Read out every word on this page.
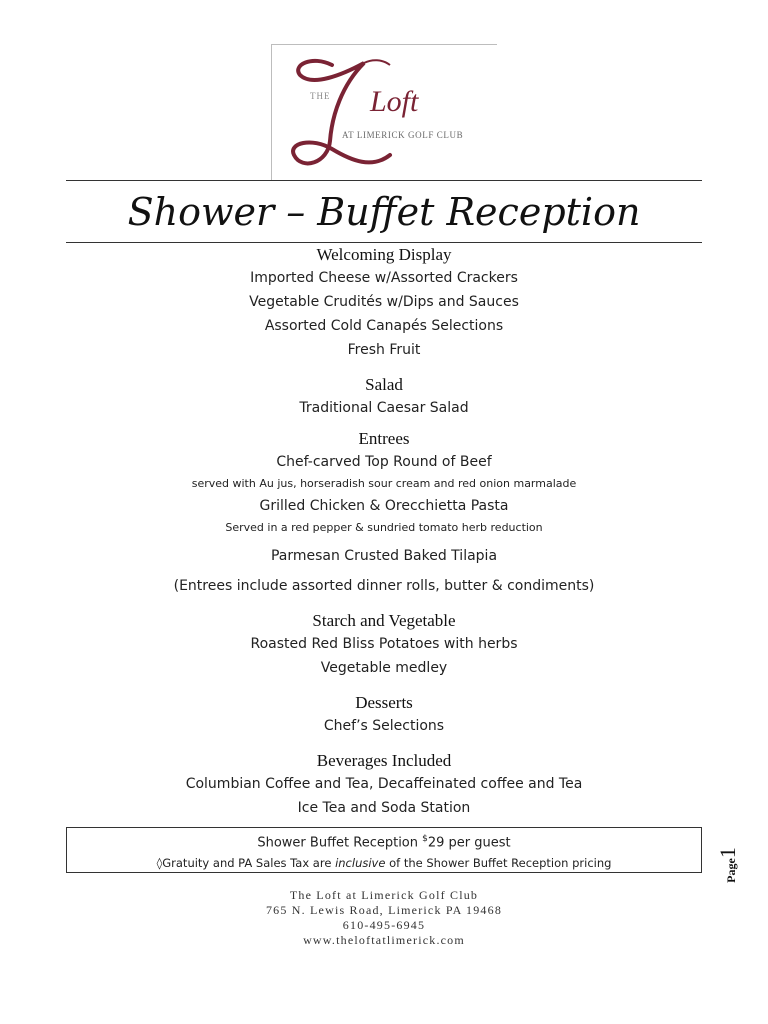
THE Loft
AT LIMERICK GOLF CLUB
Shower – Buffet Reception
Welcoming Display
Imported Cheese w/Assorted Crackers
Vegetable Crudités w/Dips and Sauces
Assorted Cold Canapés Selections
Fresh Fruit
Salad
Traditional Caesar Salad
Entrees
Chef-carved Top Round of Beef
served with Au jus, horseradish sour cream and red onion marmalade
Grilled Chicken & Orecchietta Pasta
Served in a red pepper & sundried tomato herb reduction
Parmesan Crusted Baked Tilapia
(Entrees include assorted dinner rolls, butter & condiments)
Starch and Vegetable
Roasted Red Bliss Potatoes with herbs
Vegetable medley
Desserts
Chef’s Selections
Beverages Included
Columbian Coffee and Tea, Decaffeinated coffee and Tea
Ice Tea and Soda Station
Shower Buffet Reception $29 per guest
◊Gratuity and PA Sales Tax are inclusive of the Shower Buffet Reception pricing	Page1
The Loft at Limerick Golf Club
765 N. Lewis Road, Limerick PA 19468
610-495-6945
www.theloftatlimerick.com
